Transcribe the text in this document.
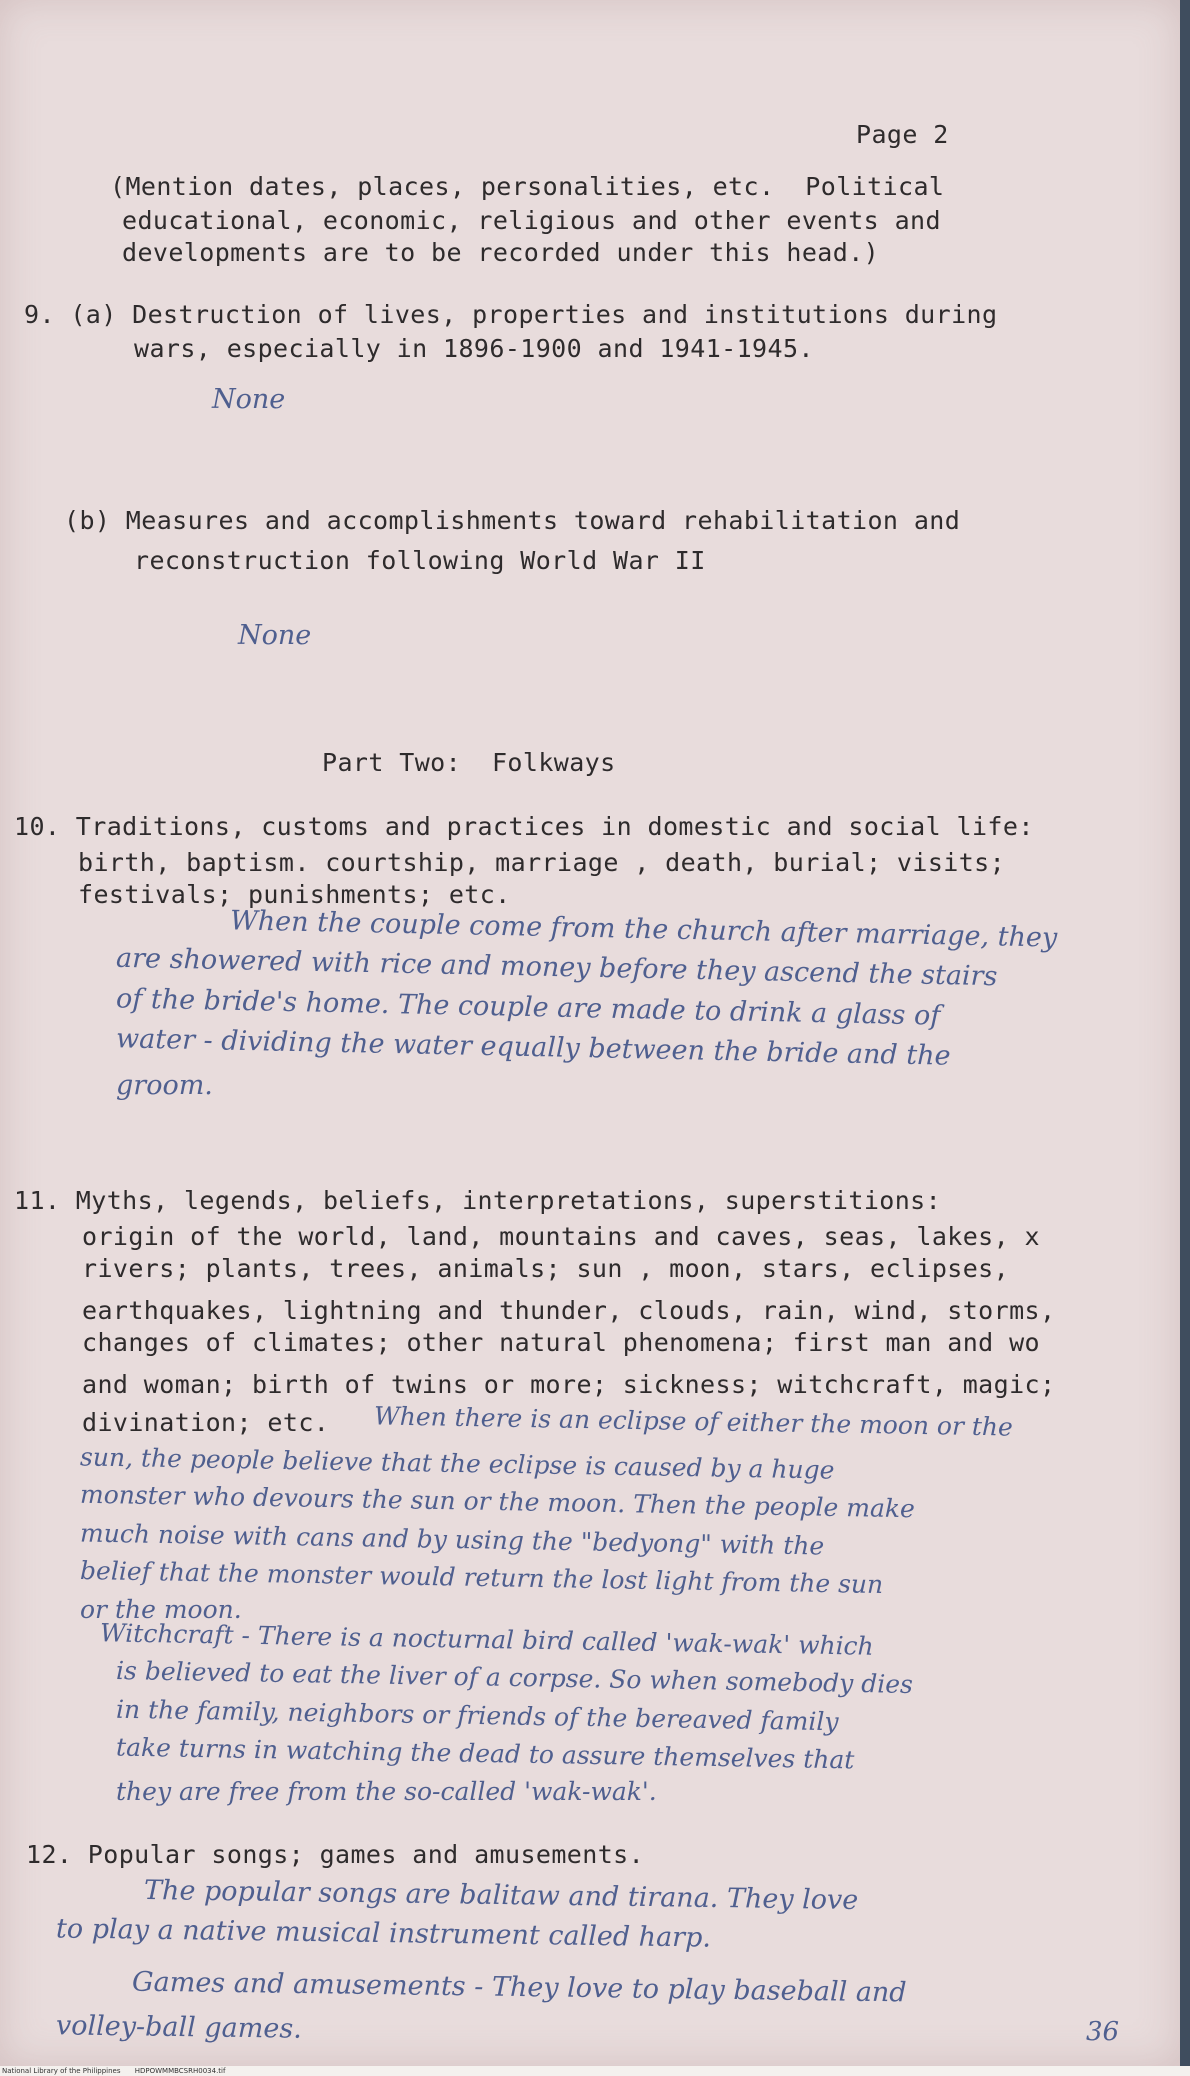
Page 2
(Mention dates, places, personalities, etc.  Political
educational, economic, religious and other events and
developments are to be recorded under this head.)
9. (a) Destruction of lives, properties and institutions during
wars, especially in 1896-1900 and 1941-1945.
None
(b) Measures and accomplishments toward rehabilitation and
reconstruction following World War II
None
Part Two:  Folkways
10. Traditions, customs and practices in domestic and social life:
birth, baptism. courtship, marriage , death, burial; visits;
festivals; punishments; etc.
When the couple come from the church after marriage, they
are showered with rice and money before they ascend the stairs
of the bride's home. The couple are made to drink a glass of
water - dividing the water equally between the bride and the
groom.
11. Myths, legends, beliefs, interpretations, superstitions:
origin of the world, land, mountains and caves, seas, lakes, x
rivers; plants, trees, animals; sun , moon, stars, eclipses,
earthquakes, lightning and thunder, clouds, rain, wind, storms,
changes of climates; other natural phenomena; first man and wo
and woman; birth of twins or more; sickness; witchcraft, magic;
divination; etc. When there is an eclipse of either the moon or the
sun, the people believe that the eclipse is caused by a huge
monster who devours the sun or the moon. Then the people make
much noise with cans and by using the "bedyong" with the
belief that the monster would return the lost light from the sun
or the moon.
Witchcraft - There is a nocturnal bird called 'wak-wak' which
is believed to eat the liver of a corpse. So when somebody dies
in the family, neighbors or friends of the bereaved family
take turns in watching the dead to assure themselves that
they are free from the so-called 'wak-wak'.
12. Popular songs; games and amusements.
The popular songs are balitaw and tirana. They love
to play a native musical instrument called harp.
Games and amusements - They love to play baseball and
volley-ball games.	36
National Library of the Philippines HDPOWMMBCSRH0034.tif
